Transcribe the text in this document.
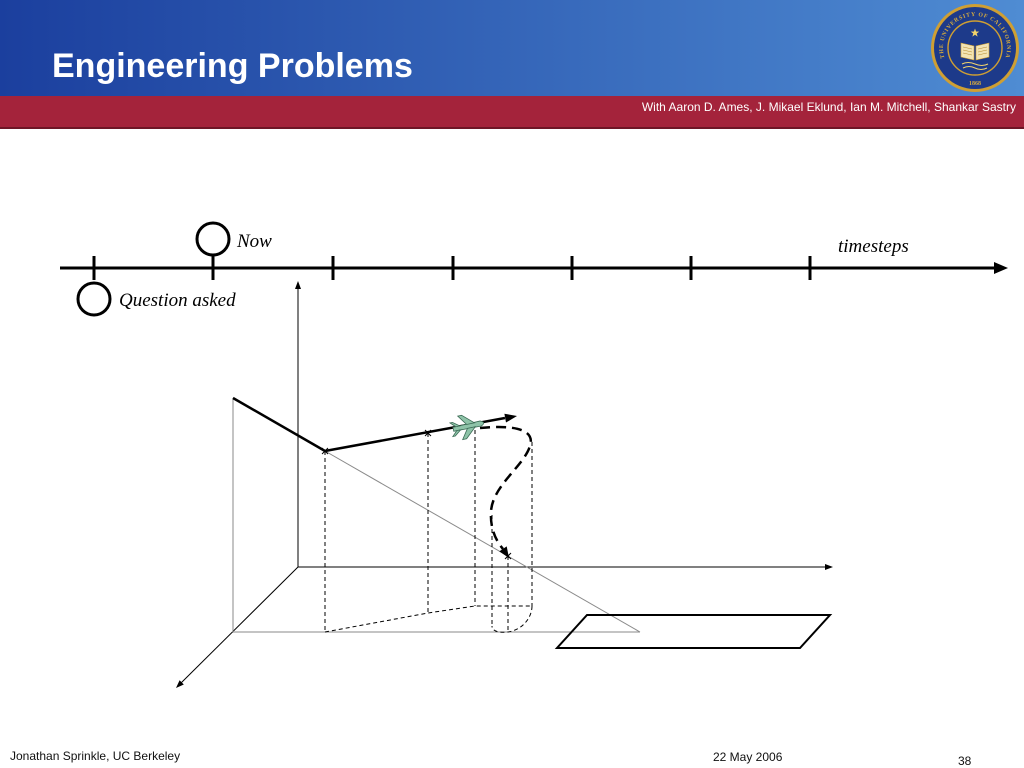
Engineering Problems
With Aaron D. Ames, J. Mikael Eklund, Ian M. Mitchell, Shankar Sastry
THE UNIVERSITY OF CALIFORNIA
1868
Now
Question asked
timesteps
Jonathan Sprinkle, UC Berkeley	22 May 2006	38
